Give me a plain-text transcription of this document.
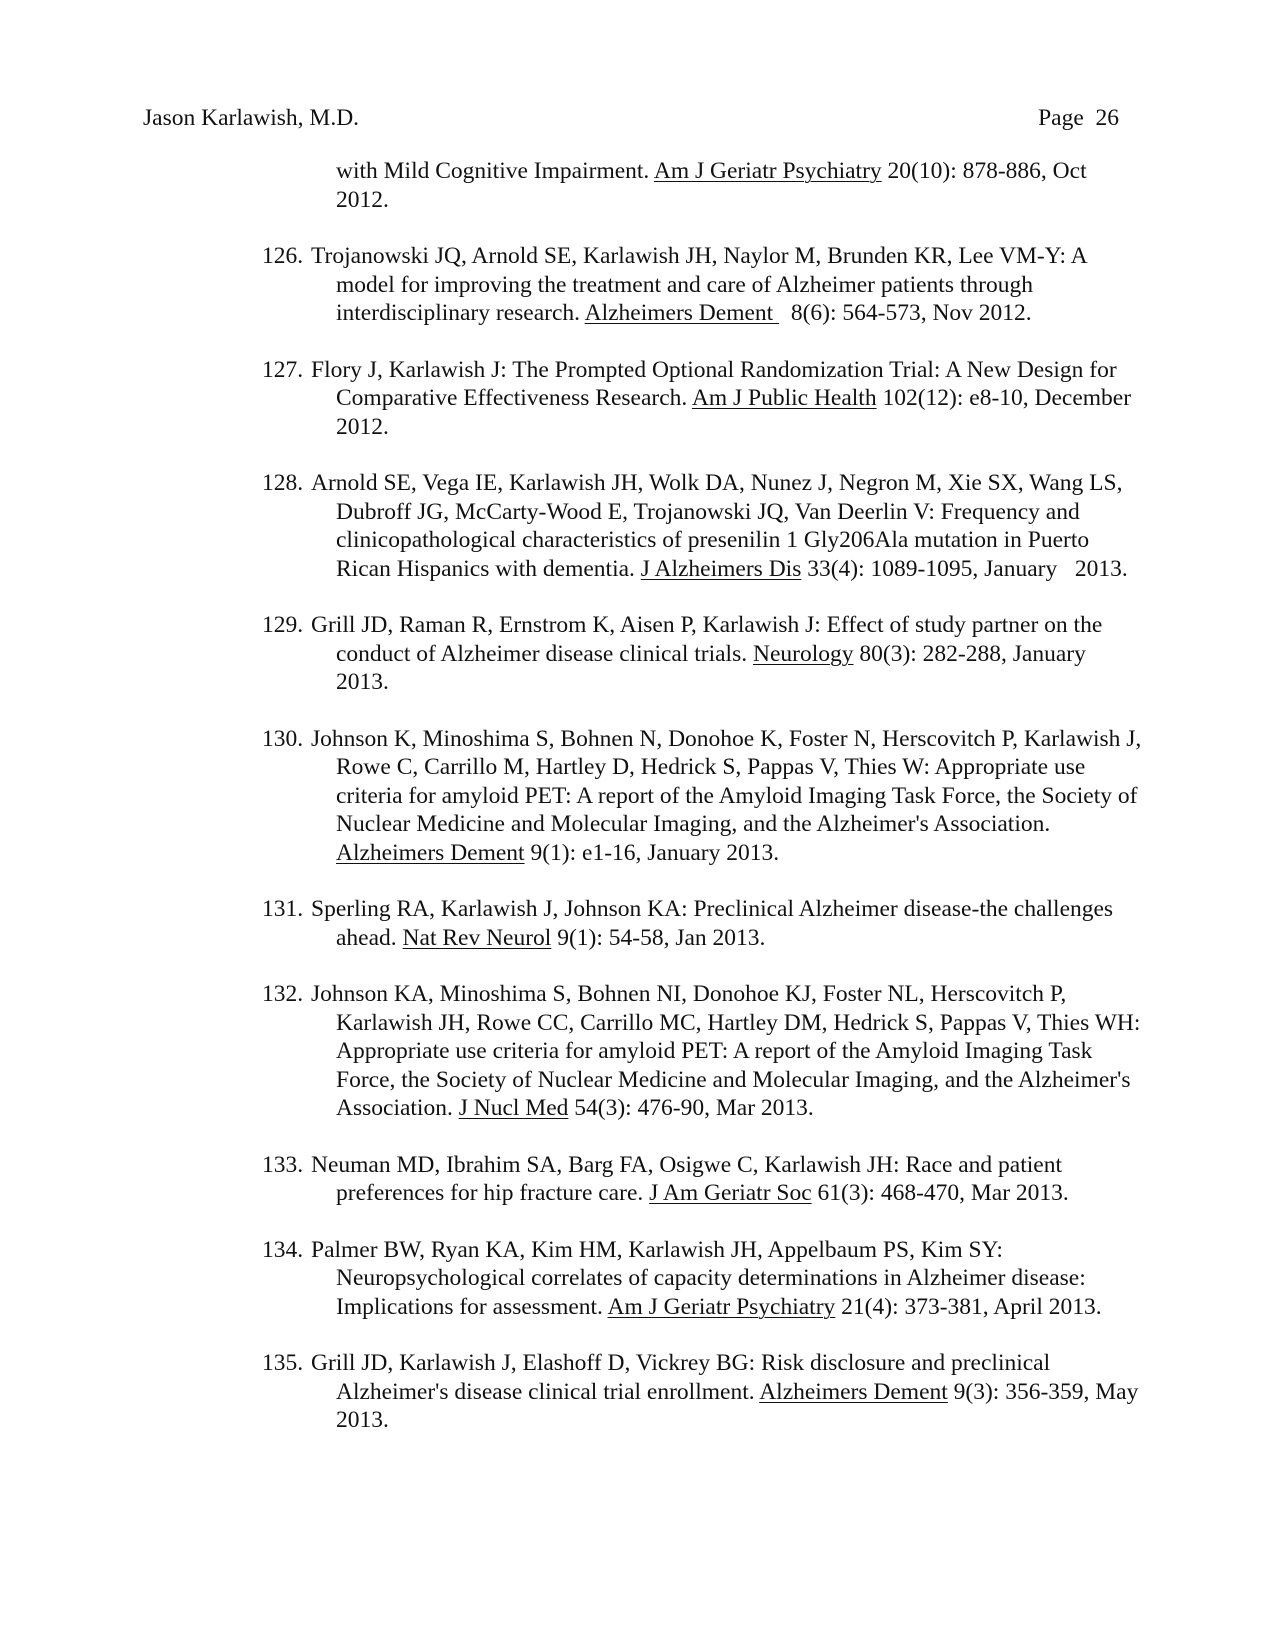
Jason Karlawish, M.D.	Page  26

with Mild Cognitive Impairment. Am J Geriatr Psychiatry 20(10): 878-886, Oct 2012.

126. Trojanowski JQ, Arnold SE, Karlawish JH, Naylor M, Brunden KR, Lee VM-Y: A model for improving the treatment and care of Alzheimer patients through interdisciplinary research. Alzheimers Dement   8(6): 564-573, Nov 2012.

127. Flory J, Karlawish J: The Prompted Optional Randomization Trial: A New Design for Comparative Effectiveness Research. Am J Public Health 102(12): e8-10, December 2012.

128. Arnold SE, Vega IE, Karlawish JH, Wolk DA, Nunez J, Negron M, Xie SX, Wang LS, Dubroff JG, McCarty-Wood E, Trojanowski JQ, Van Deerlin V: Frequency and clinicopathological characteristics of presenilin 1 Gly206Ala mutation in Puerto Rican Hispanics with dementia. J Alzheimers Dis 33(4): 1089-1095, January   2013.

129. Grill JD, Raman R, Ernstrom K, Aisen P, Karlawish J: Effect of study partner on the conduct of Alzheimer disease clinical trials. Neurology 80(3): 282-288, January 2013.

130. Johnson K, Minoshima S, Bohnen N, Donohoe K, Foster N, Herscovitch P, Karlawish J, Rowe C, Carrillo M, Hartley D, Hedrick S, Pappas V, Thies W: Appropriate use criteria for amyloid PET: A report of the Amyloid Imaging Task Force, the Society of Nuclear Medicine and Molecular Imaging, and the Alzheimer's Association. Alzheimers Dement 9(1): e1-16, January 2013.

131. Sperling RA, Karlawish J, Johnson KA: Preclinical Alzheimer disease-the challenges ahead. Nat Rev Neurol 9(1): 54-58, Jan 2013.

132. Johnson KA, Minoshima S, Bohnen NI, Donohoe KJ, Foster NL, Herscovitch P, Karlawish JH, Rowe CC, Carrillo MC, Hartley DM, Hedrick S, Pappas V, Thies WH: Appropriate use criteria for amyloid PET: A report of the Amyloid Imaging Task Force, the Society of Nuclear Medicine and Molecular Imaging, and the Alzheimer's Association. J Nucl Med 54(3): 476-90, Mar 2013.

133. Neuman MD, Ibrahim SA, Barg FA, Osigwe C, Karlawish JH: Race and patient preferences for hip fracture care. J Am Geriatr Soc 61(3): 468-470, Mar 2013.

134. Palmer BW, Ryan KA, Kim HM, Karlawish JH, Appelbaum PS, Kim SY: Neuropsychological correlates of capacity determinations in Alzheimer disease: Implications for assessment. Am J Geriatr Psychiatry 21(4): 373-381, April 2013.

135. Grill JD, Karlawish J, Elashoff D, Vickrey BG: Risk disclosure and preclinical Alzheimer's disease clinical trial enrollment. Alzheimers Dement 9(3): 356-359, May 2013.
